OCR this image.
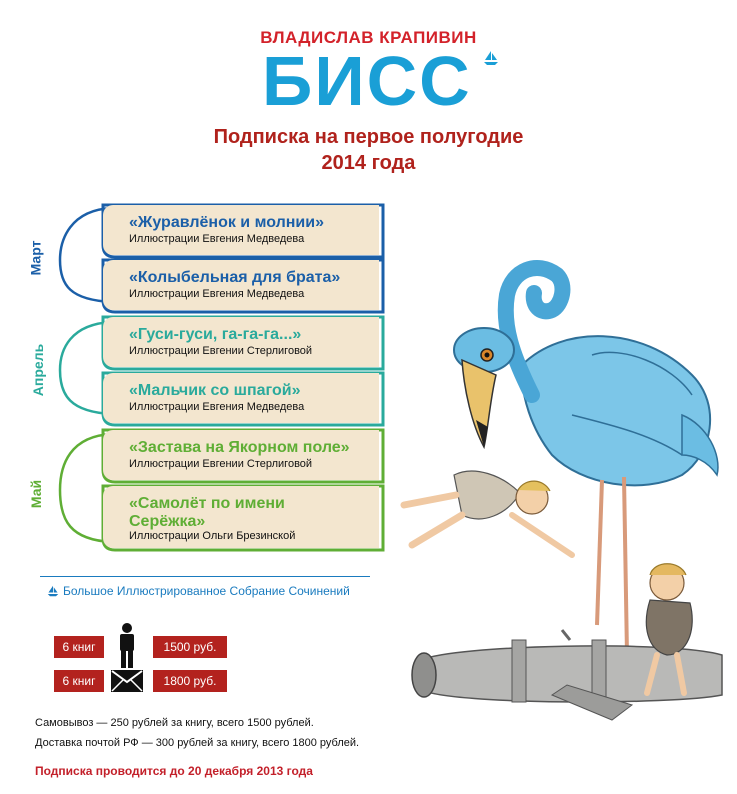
ВЛАДИСЛАВ КРАПИВИН
БИСС
Подписка на первое полугодие
2014 года
Март
Апрель
Май
«Журавлёнок и молнии»
Иллюстрации Евгения Медведева
«Колыбельная для брата»
Иллюстрации Евгения Медведева
«Гуси-гуси, га-га-га...»
Иллюстрации Евгении Стерлиговой
«Мальчик со шпагой»
Иллюстрации Евгения Медведева
«Застава на Якорном поле»
Иллюстрации Евгении Стерлиговой
«Самолёт по имени
Серёжка»
Иллюстрации Ольги Брезинской
Большое Иллюстрированное Собрание Сочинений
6 книг	1500 руб.
6 книг	1800 руб.
Самовывоз — 250 рублей за книгу, всего 1500 рублей.
Доставка почтой РФ — 300 рублей за книгу, всего 1800 рублей.
Подписка проводится до 20 декабря 2013 года
